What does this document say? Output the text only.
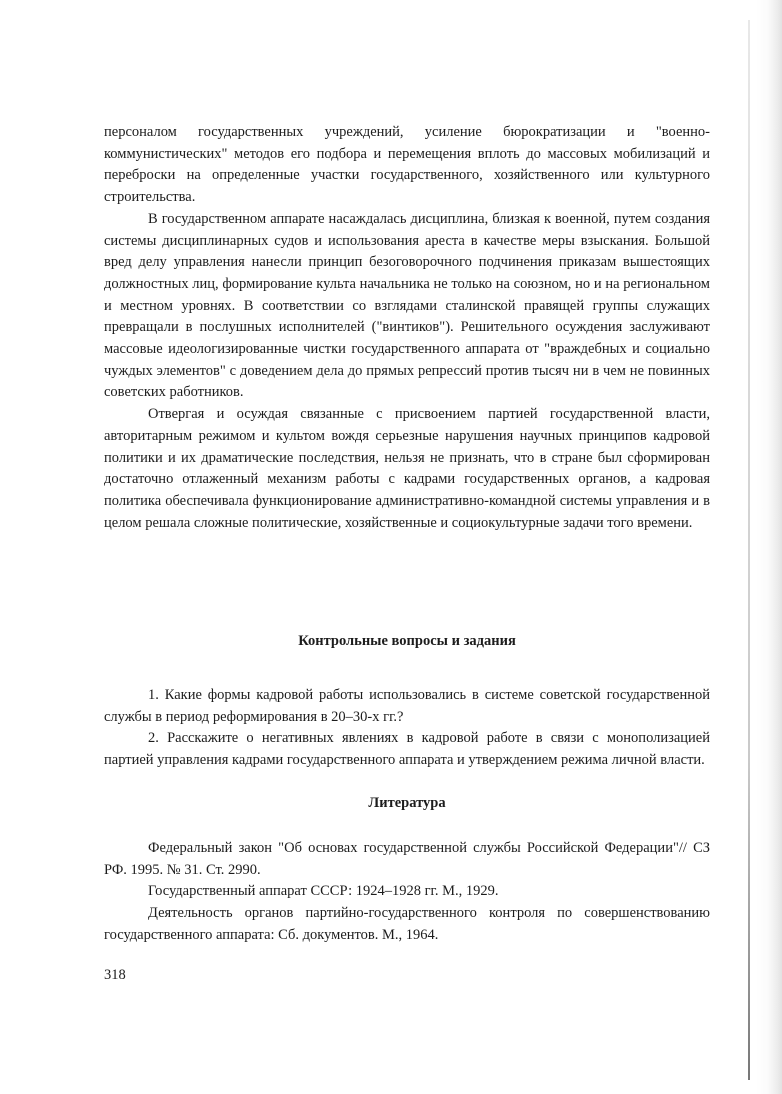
персоналом государственных учреждений, усиление бюрократизации и "военно-коммунистических" методов его подбора и перемещения вплоть до массовых мобилизаций и переброски на определенные участки государственного, хозяйственного или культурного строительства.

В государственном аппарате насаждалась дисциплина, близкая к военной, путем создания системы дисциплинарных судов и использования ареста в качестве меры взыскания. Большой вред делу управления нанесли принцип безоговорочного подчинения приказам вышестоящих должностных лиц, формирование культа начальника не только на союзном, но и на региональном и местном уровнях. В соответствии со взглядами сталинской правящей группы служащих превращали в послушных исполнителей ("винтиков"). Решительного осуждения заслуживают массовые идеологизированные чистки государственного аппарата от "враждебных и социально чуждых элементов" с доведением дела до прямых репрессий против тысяч ни в чем не повинных советских работников.

Отвергая и осуждая связанные с присвоением партией государственной власти, авторитарным режимом и культом вождя серьезные нарушения научных принципов кадровой политики и их драматические последствия, нельзя не признать, что в стране был сформирован достаточно отлаженный механизм работы с кадрами государственных органов, а кадровая политика обеспечивала функционирование административно-командной системы управления и в целом решала сложные политические, хозяйственные и социокультурные задачи того времени.

Контрольные вопросы и задания

1. Какие формы кадровой работы использовались в системе советской государственной службы в период реформирования в 20–30-х гг.?

2. Расскажите о негативных явлениях в кадровой работе в связи с монополизацией партией управления кадрами государственного аппарата и утверждением режима личной власти.

Литература

Федеральный закон "Об основах государственной службы Российской Федерации"// СЗ РФ. 1995. № 31. Ст. 2990.

Государственный аппарат СССР: 1924–1928 гг. М., 1929.

Деятельность органов партийно-государственного контроля по совершенствованию государственного аппарата: Сб. документов. М., 1964.

318
